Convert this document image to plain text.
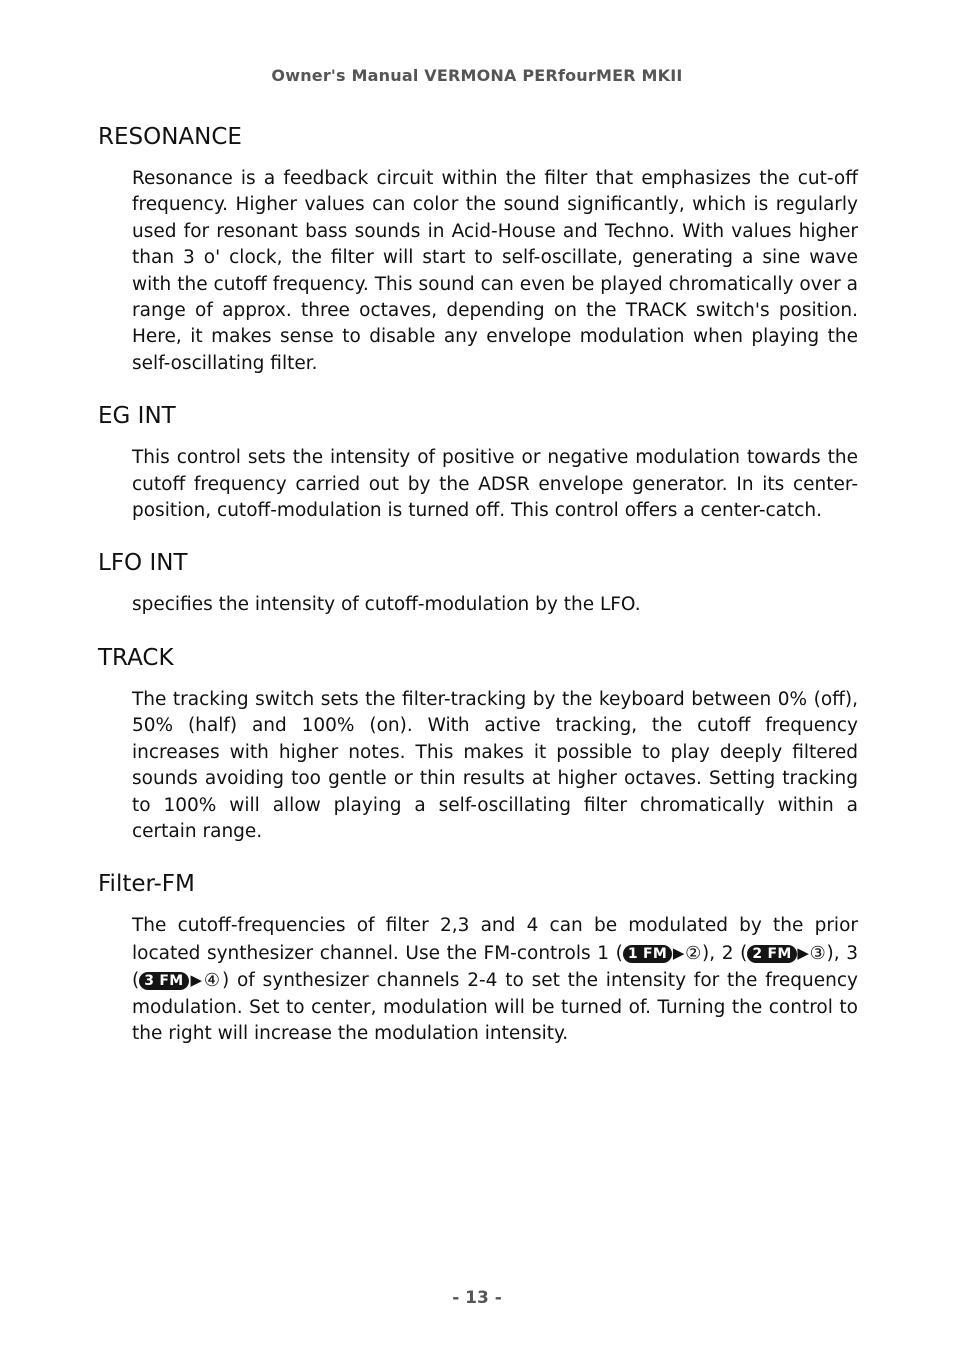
Owner's Manual VERMONA PERfourMER MKII
RESONANCE

Resonance is a feedback circuit within the filter that emphasizes the cut-off frequency. Higher values can color the sound significantly, which is regularly used for resonant bass sounds in Acid-House and Techno. With values higher than 3 o' clock, the filter will start to self-oscillate, generating a sine wave with the cutoff frequency. This sound can even be played chromatically over a range of approx. three octaves, depending on the TRACK switch's position. Here, it makes sense to disable any envelope modulation when playing the self-oscillating filter.

EG INT

This control sets the intensity of positive or negative modulation towards the cutoff frequency carried out by the ADSR envelope generator. In its center-position, cutoff-modulation is turned off. This control offers a center-catch.

LFO INT

specifies the intensity of cutoff-modulation by the LFO.

TRACK

The tracking switch sets the filter-tracking by the keyboard between 0% (off), 50% (half) and 100% (on). With active tracking, the cutoff frequency increases with higher notes. This makes it possible to play deeply filtered sounds avoiding too gentle or thin results at higher octaves. Setting tracking to 100% will allow playing a self-oscillating filter chromatically within a certain range.

Filter-FM

The cutoff-frequencies of filter 2,3 and 4 can be modulated by the prior located synthesizer channel. Use the FM-controls 1 ( 1 FM ▶②), 2 ( 2 FM ▶③), 3 ( 3 FM ▶④) of synthesizer channels 2-4 to set the intensity for the frequency modulation. Set to center, modulation will be turned of. Turning the control to the right will increase the modulation intensity.

- 13 -
